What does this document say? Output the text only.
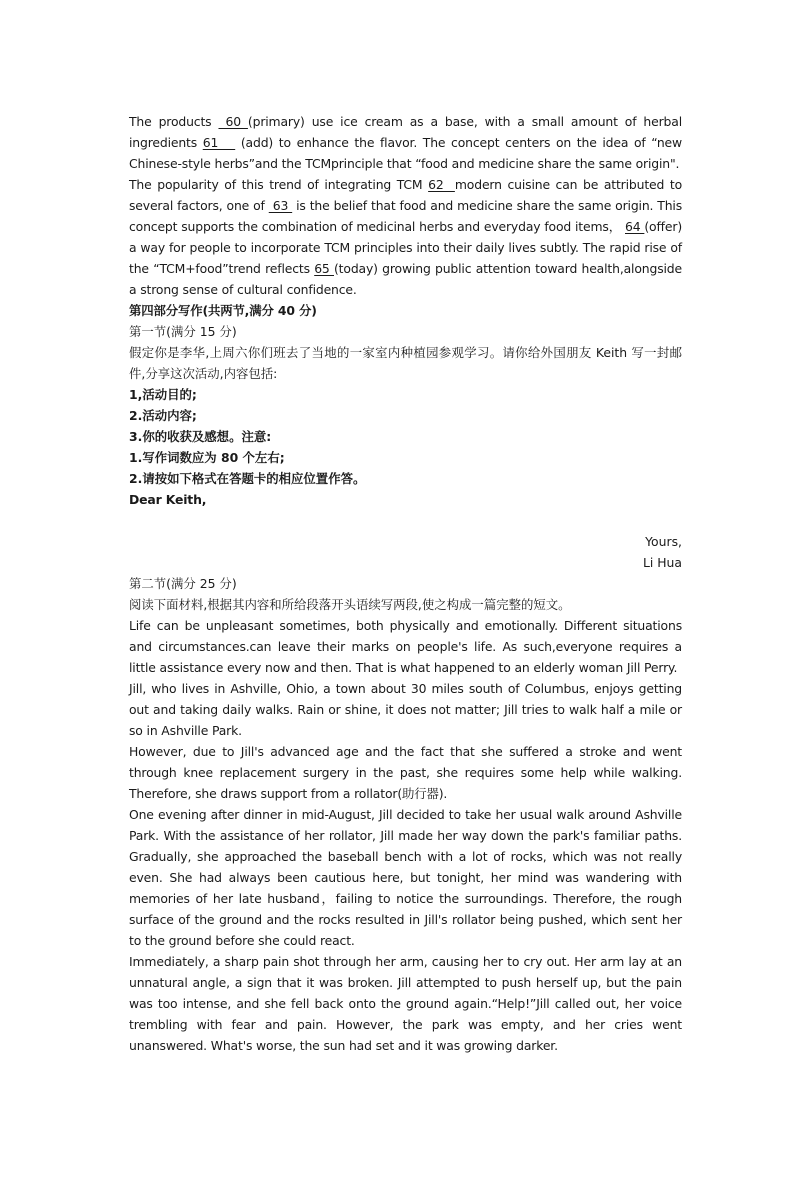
The products  60 (primary) use ice cream as a base, with a small amount of herbal ingredients 61    (add) to enhance the flavor. The concept centers on the idea of “new Chinese-style herbs”and the TCMprinciple that “food and medicine share the same origin".

The popularity of this trend of integrating TCM 62  modern cuisine can be attributed to several factors, one of  63  is the belief that food and medicine share the same origin. This concept supports the combination of medicinal herbs and everyday food items， 64 (offer) a way for people to incorporate TCM principles into their daily lives subtly. The rapid rise of the “TCM+food”trend reflects 65 (today) growing public attention toward health,alongside a strong sense of cultural confidence.

第四部分写作(共两节,满分 40 分)

第一节(满分 15 分)

假定你是李华,上周六你们班去了当地的一家室内种植园参观学习。请你给外国朋友 Keith 写一封邮件,分享这次活动,内容包括:

1,活动目的;

2.活动内容;

3.你的收获及感想。注意:

1.写作词数应为 80 个左右;

2.请按如下格式在答题卡的相应位置作答。

Dear Keith,

Yours,

Li Hua

第二节(满分 25 分)

阅读下面材料,根据其内容和所给段落开头语续写两段,使之构成一篇完整的短文。

Life can be unpleasant sometimes, both physically and emotionally. Different situations and circumstances.can leave their marks on people's life. As such,everyone requires a little assistance every now and then. That is what happened to an elderly woman Jill Perry.

Jill, who lives in Ashville, Ohio, a town about 30 miles south of Columbus, enjoys getting out and taking daily walks. Rain or shine, it does not matter; Jill tries to walk half a mile or so in Ashville Park.

However, due to Jill's advanced age and the fact that she suffered a stroke and went through knee replacement surgery in the past, she requires some help while walking. Therefore, she draws support from a rollator(助行器).

One evening after dinner in mid-August, Jill decided to take her usual walk around Ashville Park. With the assistance of her rollator, Jill made her way down the park's familiar paths. Gradually, she approached the baseball bench with a lot of rocks, which was not really even. She had always been cautious here, but tonight, her mind was wandering with memories of her late husband，failing to notice the surroundings. Therefore, the rough surface of the ground and the rocks resulted in Jill's rollator being pushed, which sent her to the ground before she could react.

Immediately, a sharp pain shot through her arm, causing her to cry out. Her arm lay at an unnatural angle, a sign that it was broken. Jill attempted to push herself up, but the pain was too intense, and she fell back onto the ground again.“Help!”Jill called out, her voice trembling with fear and pain. However, the park was empty, and her cries went unanswered. What's worse, the sun had set and it was growing darker.
